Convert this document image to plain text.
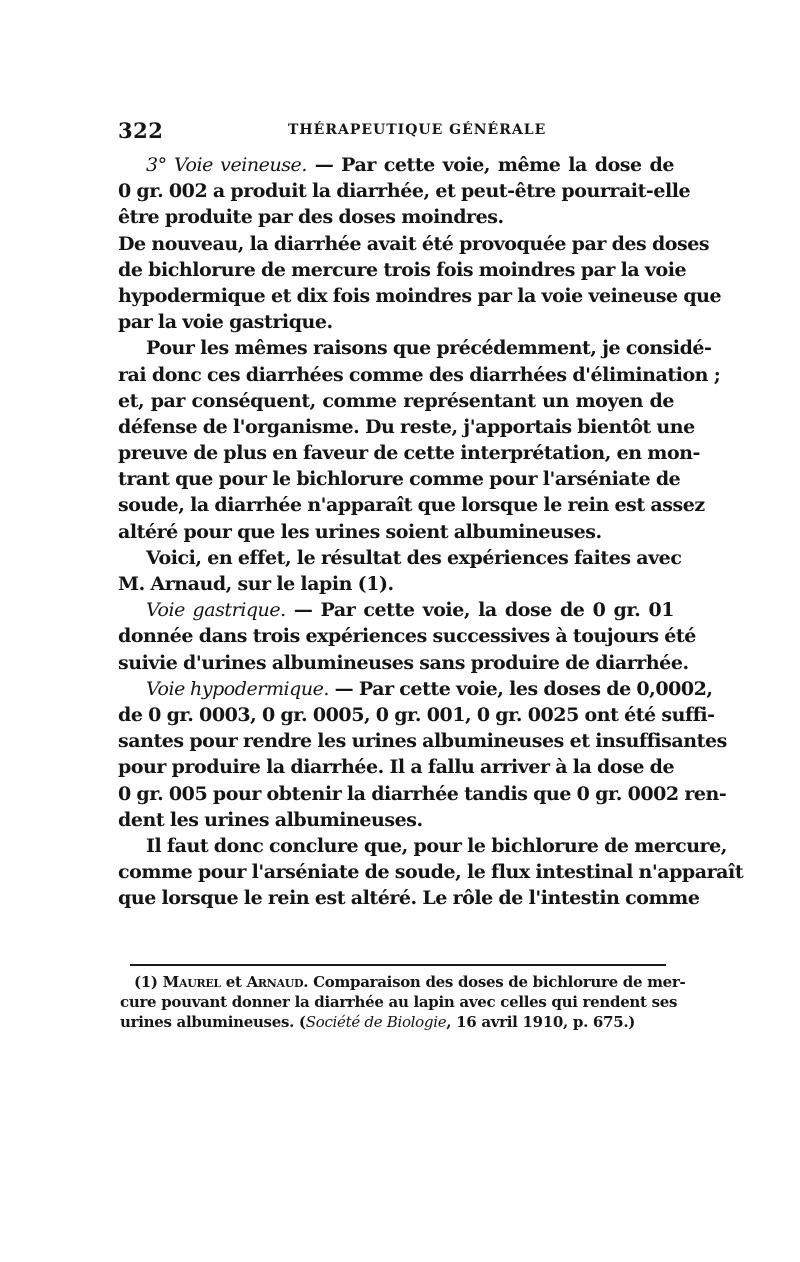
322	THÉRAPEUTIQUE GÉNÉRALE
3° Voie veineuse. — Par cette voie, même la dose de
0 gr. 002 a produit la diarrhée, et peut-être pourrait-elle
être produite par des doses moindres.
De nouveau, la diarrhée avait été provoquée par des doses
de bichlorure de mercure trois fois moindres par la voie
hypodermique et dix fois moindres par la voie veineuse que
par la voie gastrique.
Pour les mêmes raisons que précédemment, je considé-
rai donc ces diarrhées comme des diarrhées d'élimination ;
et, par conséquent, comme représentant un moyen de
défense de l'organisme. Du reste, j'apportais bientôt une
preuve de plus en faveur de cette interprétation, en mon-
trant que pour le bichlorure comme pour l'arséniate de
soude, la diarrhée n'apparaît que lorsque le rein est assez
altéré pour que les urines soient albumineuses.
Voici, en effet, le résultat des expériences faites avec
M. Arnaud, sur le lapin (1).
Voie gastrique. — Par cette voie, la dose de 0 gr. 01
donnée dans trois expériences successives à toujours été
suivie d'urines albumineuses sans produire de diarrhée.
Voie hypodermique. — Par cette voie, les doses de 0,0002,
de 0 gr. 0003, 0 gr. 0005, 0 gr. 001, 0 gr. 0025 ont été suffi-
santes pour rendre les urines albumineuses et insuffisantes
pour produire la diarrhée. Il a fallu arriver à la dose de
0 gr. 005 pour obtenir la diarrhée tandis que 0 gr. 0002 ren-
dent les urines albumineuses.
Il faut donc conclure que, pour le bichlorure de mercure,
comme pour l'arséniate de soude, le flux intestinal n'apparaît
que lorsque le rein est altéré. Le rôle de l'intestin comme
(1) Maurel et Arnaud. Comparaison des doses de bichlorure de mer-
cure pouvant donner la diarrhée au lapin avec celles qui rendent ses
urines albumineuses. (Société de Biologie, 16 avril 1910, p. 675.)
